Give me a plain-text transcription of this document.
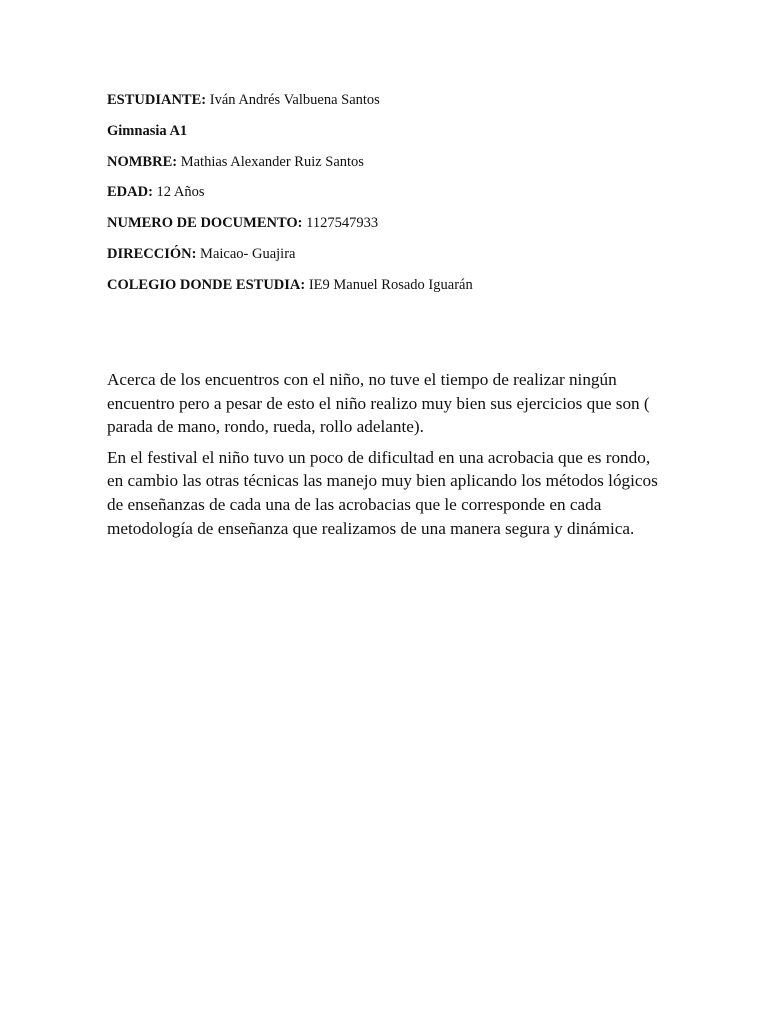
ESTUDIANTE: Iván Andrés Valbuena Santos
Gimnasia A1
NOMBRE: Mathias Alexander Ruiz Santos
EDAD: 12 Años
NUMERO DE DOCUMENTO: 1127547933
DIRECCIÓN: Maicao- Guajira
COLEGIO DONDE ESTUDIA: IE9 Manuel Rosado Iguarán

Acerca de los encuentros con el niño, no tuve el tiempo de realizar ningún encuentro pero a pesar de esto el niño realizo muy bien sus ejercicios que son ( parada de mano, rondo, rueda, rollo adelante).

En el festival el niño tuvo un poco de dificultad en una acrobacia que es rondo, en cambio las otras técnicas las manejo muy bien aplicando los métodos lógicos de enseñanzas de cada una de las acrobacias que le corresponde en cada metodología de enseñanza que realizamos de una manera segura y dinámica.
